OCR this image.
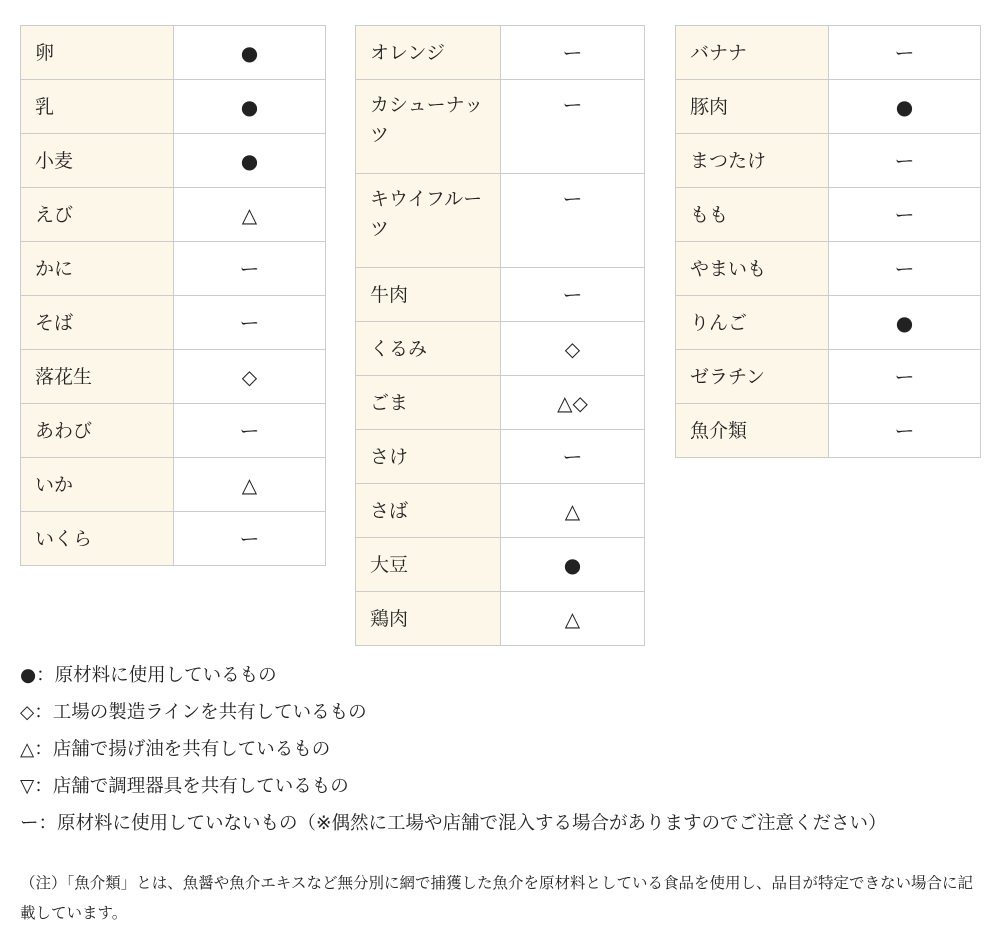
卵	●
乳	●
小麦	●
えび	△
かに	ー
そば	ー
落花生	◇
あわび	ー
いか	△
いくら	ー
オレンジ	ー
カシューナッツ	ー
キウイフルーツ	ー
牛肉	ー
くるみ	◇
ごま	△◇
さけ	ー
さば	△
大豆	●
鶏肉	△
バナナ	ー
豚肉	●
まつたけ	ー
もも	ー
やまいも	ー
りんご	●
ゼラチン	ー
魚介類	ー
●：原材料に使用しているもの
◇：工場の製造ラインを共有しているもの
△：店舗で揚げ油を共有しているもの
▽：店舗で調理器具を共有しているもの
ー：原材料に使用していないもの（※偶然に工場や店舗で混入する場合がありますのでご注意ください）

（注）「魚介類」とは、魚醤や魚介エキスなど無分別に網で捕獲した魚介を原材料としている食品を使用し、品目が特定できない場合に記載しています。
